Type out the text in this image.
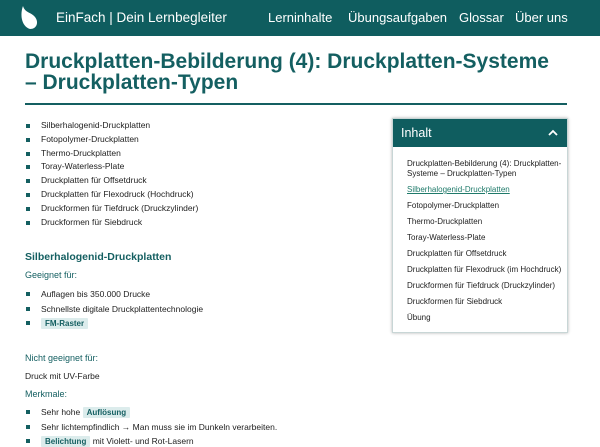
EinFach | Dein Lernbegleiter	Lerninhalte Übungsaufgaben Glossar Über uns
Druckplatten-Bebilderung (4): Druckplatten-Systeme – Druckplatten-Typen
Silberhalogenid-Druckplatten
Fotopolymer-Druckplatten
Thermo-Druckplatten
Toray-Waterless-Plate
Druckplatten für Offsetdruck
Druckplatten für Flexodruck (Hochdruck)
Druckformen für Tiefdruck (Druckzylinder)
Druckformen für Siebdruck
Silberhalogenid-Druckplatten
Geeignet für:
Auflagen bis 350.000 Drucke
Schnellste digitale Druckplattentechnologie
FM-Raster
Nicht geeignet für:
Druck mit UV-Farbe
Merkmale:
Sehr hohe Auflösung
Sehr lichtempfindlich → Man muss sie im Dunkeln verarbeiten.
Belichtung mit Violett- und Rot-Lasern
Inhalt
Druckplatten-Bebilderung (4): Druckplatten-Systeme – Druckplatten-Typen
Silberhalogenid-Druckplatten
Fotopolymer-Druckplatten
Thermo-Druckplatten
Toray-Waterless-Plate
Druckplatten für Offsetdruck
Druckplatten für Flexodruck (im Hochdruck)
Druckformen für Tiefdruck (Druckzylinder)
Druckformen für Siebdruck
Übung
